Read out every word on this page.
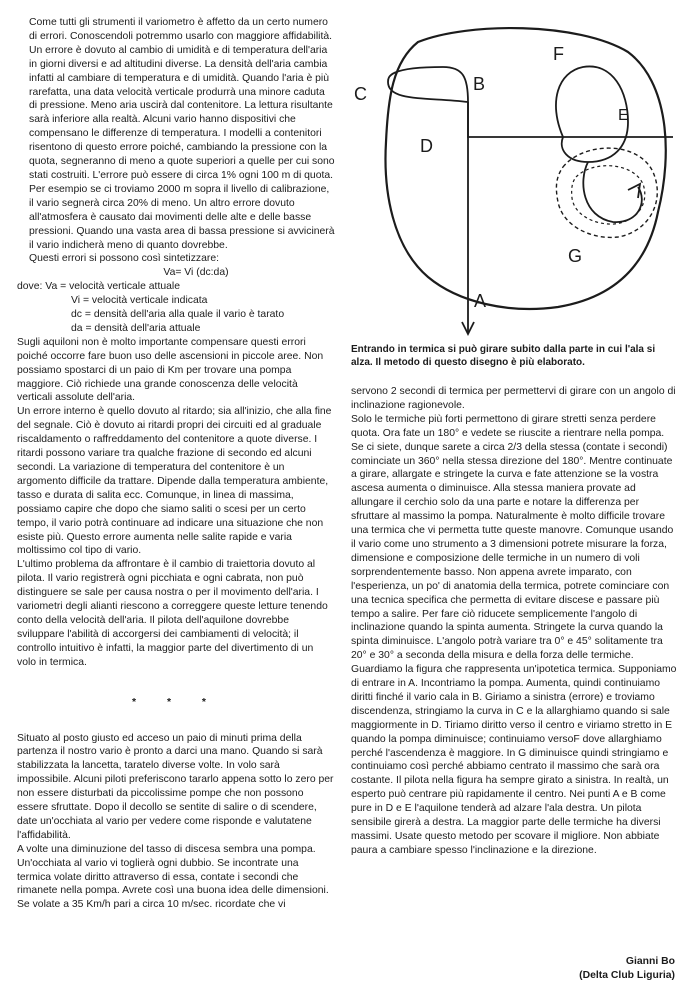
Come tutti gli strumenti il variometro è affetto da un certo numero di errori. Conoscendoli potremmo usarlo con maggiore affidabilità. Un errore è dovuto al cambio di umidità e di temperatura dell'aria in giorni diversi e ad altitudini diverse. La densità dell'aria cambia infatti al cambiare di temperatura e di umidità. Quando l'aria è più rarefatta, una data velocità verticale produrrà una minore caduta di pressione. Meno aria uscirà dal contenitore. La lettura risultante sarà inferiore alla realtà. Alcuni vario hanno dispositivi che compensano le differenze di temperatura. I modelli a contenitori risentono di questo errore poiché, cambiando la pressione con la quota, segneranno di meno a quote superiori a quelle per cui sono stati costruiti. L'errore può essere di circa 1% ogni 100 m di quota. Per esempio se ci troviamo 2000 m sopra il livello di calibrazione, il vario segnerà circa 20% di meno. Un altro errore dovuto all'atmosfera è causato dai movimenti delle alte e delle basse pressioni. Quando una vasta area di bassa pressione si avvicinerà il vario indicherà meno di quanto dovrebbe.

Questi errori si possono così sintetizzare:

Va= Vi (dc:da)

dove: Va = velocità verticale attuale

Vi = velocità verticale indicata

dc = densità dell'aria alla quale il vario è tarato

da = densità dell'aria attuale

Sugli aquiloni non è molto importante compensare questi errori poiché occorre fare buon uso delle ascensioni in piccole aree. Non possiamo spostarci di un paio di Km per trovare una pompa maggiore. Ciò richiede una grande conoscenza delle velocità verticali assolute dell'aria.

Un errore interno è quello dovuto al ritardo; sia all'inizio, che alla fine del segnale. Ciò è dovuto ai ritardi propri dei circuiti ed al graduale riscaldamento o raffreddamento del contenitore a quote diverse. I ritardi possono variare tra qualche frazione di secondo ed alcuni secondi. La variazione di temperatura del contenitore è un argomento difficile da trattare. Dipende dalla temperatura ambiente, tasso e durata di salita ecc. Comunque, in linea di massima, possiamo capire che dopo che siamo saliti o scesi per un certo tempo, il vario potrà continuare ad indicare una situazione che non esiste più. Questo errore aumenta nelle salite rapide e varia moltissimo col tipo di vario.

L'ultimo problema da affrontare è il cambio di traiettoria dovuto al pilota. Il vario registrerà ogni picchiata e ogni cabrata, non può distinguere se sale per causa nostra o per il movimento dell'aria. I variometri degli alianti riescono a correggere queste letture tenendo conto della velocità dell'aria. Il pilota dell'aquilone dovrebbe sviluppare l'abilità di accorgersi dei cambiamenti di velocità; il controllo intuitivo è infatti, la maggior parte del divertimento di un volo in termica.

* * *

Situato al posto giusto ed acceso un paio di minuti prima della partenza il nostro vario è pronto a darci una mano. Quando si sarà stabilizzata la lancetta, taratelo diverse volte. In volo sarà impossibile. Alcuni piloti preferiscono tararlo appena sotto lo zero per non essere disturbati da piccolissime pompe che non possono essere sfruttate. Dopo il decollo se sentite di salire o di scendere, date un'occhiata al vario per vedere come risponde e valutatene l'affidabilità.

A volte una diminuzione del tasso di discesa sembra una pompa. Un'occhiata al vario vi toglierà ogni dubbio. Se incontrate una termica volate diritto attraverso di essa, contate i secondi che rimanete nella pompa. Avrete così una buona idea delle dimensioni. Se volate a 35 Km/h pari a circa 10 m/sec. ricordate che vi

A
B
C
D
E
F
G
Entrando in termica si può girare subito dalla parte in cui l'ala si alza. Il metodo di questo disegno è più elaborato.

servono 2 secondi di termica per permettervi di girare con un angolo di inclinazione ragionevole.

Solo le termiche più forti permettono di girare stretti senza perdere quota. Ora fate un 180° e vedete se riuscite a rientrare nella pompa. Se ci siete, dunque sarete a circa 2/3 della stessa (contate i secondi) cominciate un 360° nella stessa direzione del 180°. Mentre continuate a girare, allargate e stringete la curva e fate attenzione se la vostra ascesa aumenta o diminuisce. Alla stessa maniera provate ad allungare il cerchio solo da una parte e notare la differenza per sfruttare al massimo la pompa. Naturalmente è molto difficile trovare una termica che vi permetta tutte queste manovre. Comunque usando il vario come uno strumento a 3 dimensioni potrete misurare la forza, dimensione e composizione delle termiche in un numero di voli sorprendentemente basso. Non appena avrete imparato, con l'esperienza, un po' di anatomia della termica, potrete cominciare con una tecnica specifica che permetta di evitare discese e passare più tempo a salire. Per fare ciò riducete semplicemente l'angolo di inclinazione quando la spinta aumenta. Stringete la curva quando la spinta diminuisce. L'angolo potrà variare tra 0° e 45° solitamente tra 20° e 30° a seconda della misura e della forza delle termiche. Guardiamo la figura che rappresenta un'ipotetica termica. Supponiamo di entrare in A. Incontriamo la pompa. Aumenta, quindi continuiamo diritti finché il vario cala in B. Giriamo a sinistra (errore) e troviamo discendenza, stringiamo la curva in C e la allarghiamo quando si sale maggiormente in D. Tiriamo diritto verso il centro e viriamo stretto in E quando la pompa diminuisce; continuiamo versoF dove allarghiamo perché l'ascendenza è maggiore. In G diminuisce quindi stringiamo e continuiamo così perché abbiamo centrato il massimo che sarà ora costante. Il pilota nella figura ha sempre girato a sinistra. In realtà, un esperto può centrare più rapidamente il centro. Nei punti A e B come pure in D e E l'aquilone tenderà ad alzare l'ala destra. Un pilota sensibile girerà a destra. La maggior parte delle termiche ha diversi massimi. Usate questo metodo per scovare il migliore. Non abbiate paura a cambiare spesso l'inclinazione e la direzione.

Gianni Bo
(Delta Club Liguria)
